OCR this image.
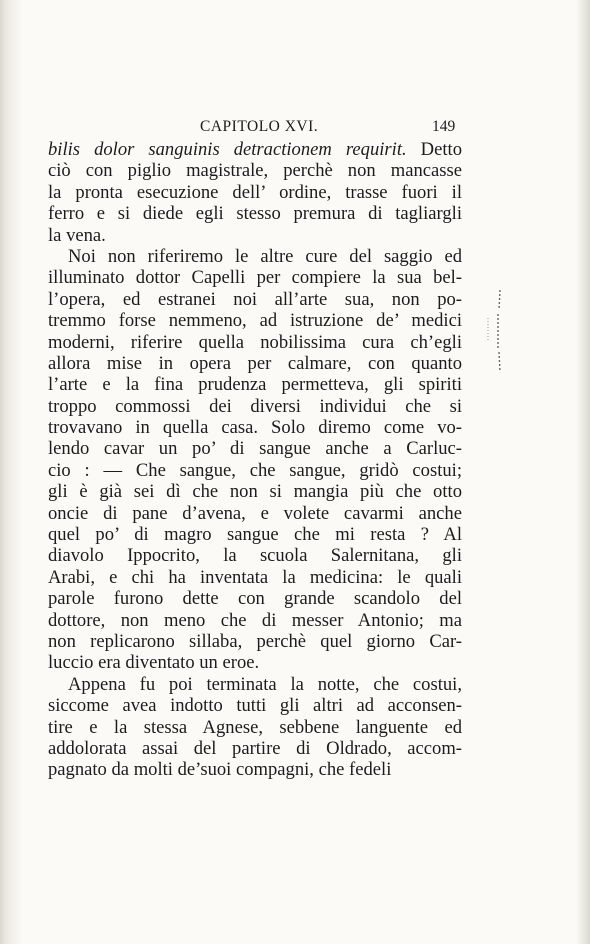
CAPITOLO XVI.	149
bilis dolor sanguinis detractionem requirit. Detto
ciò con piglio magistrale, perchè non mancasse
la pronta esecuzione dell’ ordine, trasse fuori il
ferro e si diede egli stesso premura di tagliargli
la vena.
Noi non riferiremo le altre cure del saggio ed
illuminato dottor Capelli per compiere la sua bel-
l’opera, ed estranei noi all’arte sua, non po-
tremmo forse nemmeno, ad istruzione de’ medici
moderni, riferire quella nobilissima cura ch’egli
allora mise in opera per calmare, con quanto
l’arte e la fina prudenza permetteva, gli spiriti
troppo commossi dei diversi individui che si
trovavano in quella casa. Solo diremo come vo-
lendo cavar un po’ di sangue anche a Carluc-
cio : — Che sangue, che sangue, gridò costui;
gli è già sei dì che non si mangia più che otto
oncie di pane d’avena, e volete cavarmi anche
quel po’ di magro sangue che mi resta ? Al
diavolo Ippocrito, la scuola Salernitana, gli
Arabi, e chi ha inventata la medicina: le quali
parole furono dette con grande scandolo del
dottore, non meno che di messer Antonio; ma
non replicarono sillaba, perchè quel giorno Car-
luccio era diventato un eroe.
Appena fu poi terminata la notte, che costui,
siccome avea indotto tutti gli altri ad acconsen-
tire e la stessa Agnese, sebbene languente ed
addolorata assai del partire di Oldrado, accom-
pagnato da molti de’suoi compagni, che fedeli
